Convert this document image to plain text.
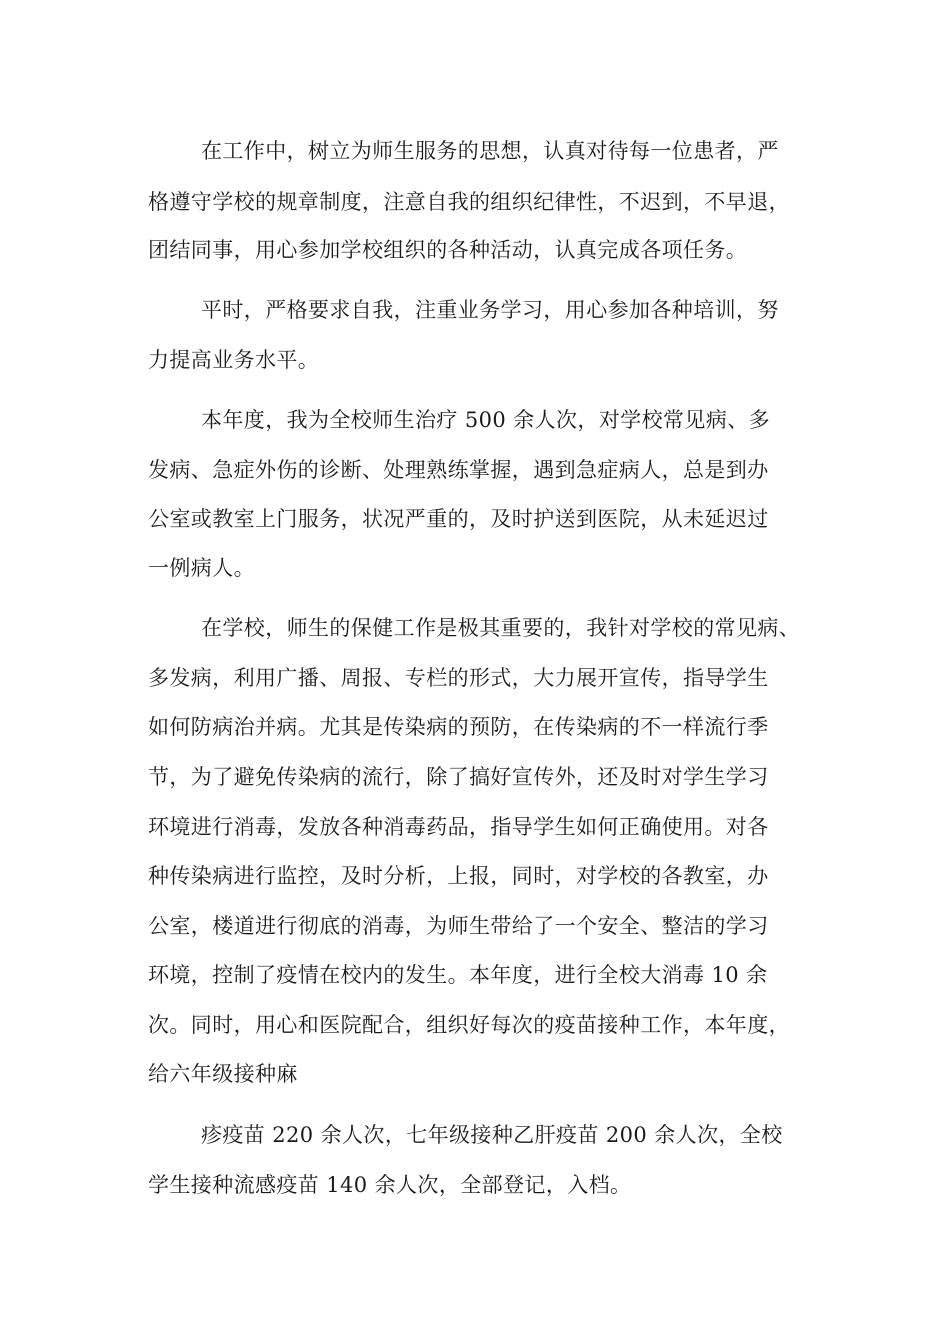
在工作中，树立为师生服务的思想，认真对待每一位患者，严

格遵守学校的规章制度，注意自我的组织纪律性，不迟到，不早退，

团结同事，用心参加学校组织的各种活动，认真完成各项任务。

平时，严格要求自我，注重业务学习，用心参加各种培训，努

力提高业务水平。

本年度，我为全校师生治疗 500 余人次，对学校常见病、多

发病、急症外伤的诊断、处理熟练掌握，遇到急症病人，总是到办

公室或教室上门服务，状况严重的，及时护送到医院，从未延迟过

一例病人。

在学校，师生的保健工作是极其重要的，我针对学校的常见病、

多发病，利用广播、周报、专栏的形式，大力展开宣传，指导学生

如何防病治并病。尤其是传染病的预防，在传染病的不一样流行季

节，为了避免传染病的流行，除了搞好宣传外，还及时对学生学习

环境进行消毒，发放各种消毒药品，指导学生如何正确使用。对各

种传染病进行监控，及时分析，上报，同时，对学校的各教室，办

公室，楼道进行彻底的消毒，为师生带给了一个安全、整洁的学习

环境，控制了疫情在校内的发生。本年度，进行全校大消毒 10 余

次。同时，用心和医院配合，组织好每次的疫苗接种工作，本年度，

给六年级接种麻

疹疫苗 220 余人次，七年级接种乙肝疫苗 200 余人次，全校

学生接种流感疫苗 140 余人次，全部登记，入档。
